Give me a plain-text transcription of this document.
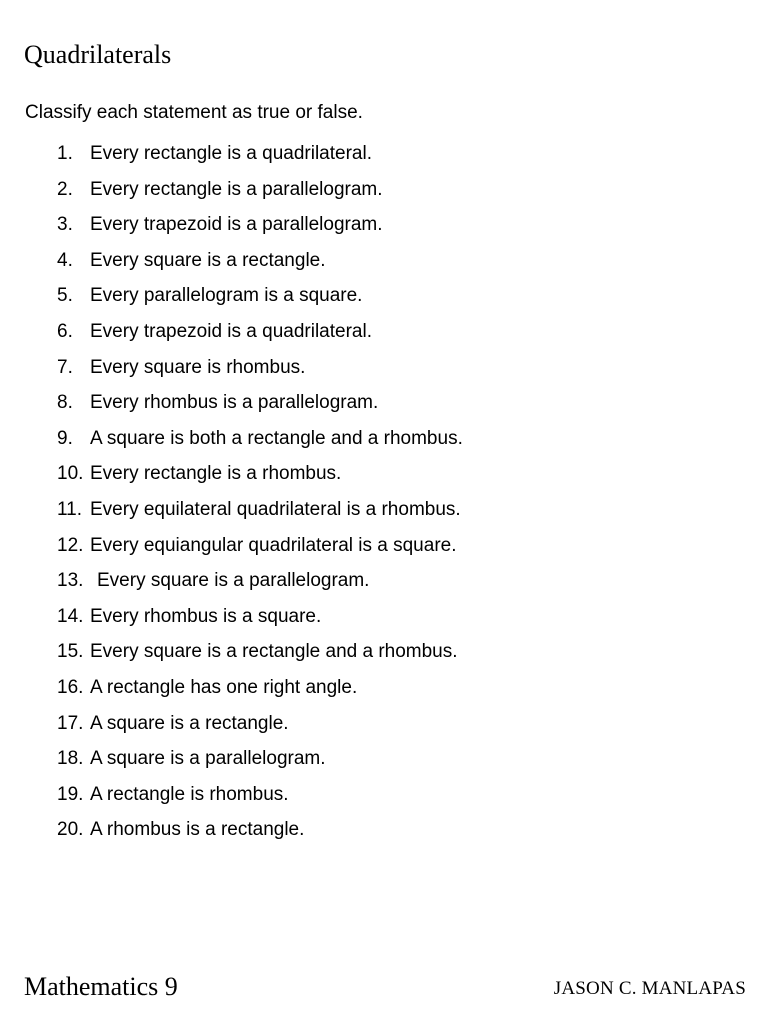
Quadrilaterals
Classify each statement as true or false.
1. Every rectangle is a quadrilateral.
2. Every rectangle is a parallelogram.
3. Every trapezoid is a parallelogram.
4. Every square is a rectangle.
5. Every parallelogram is a square.
6. Every trapezoid is a quadrilateral.
7. Every square is rhombus.
8. Every rhombus is a parallelogram.
9. A square is both a rectangle and a rhombus.
10. Every rectangle is a rhombus.
11. Every equilateral quadrilateral is a rhombus.
12. Every equiangular quadrilateral is a square.
13. Every square is a parallelogram.
14. Every rhombus is a square.
15. Every square is a rectangle and a rhombus.
16. A rectangle has one right angle.
17. A square is a rectangle.
18. A square is a parallelogram.
19. A rectangle is rhombus.
20. A rhombus is a rectangle.
Mathematics 9	JASON C. MANLAPAS
